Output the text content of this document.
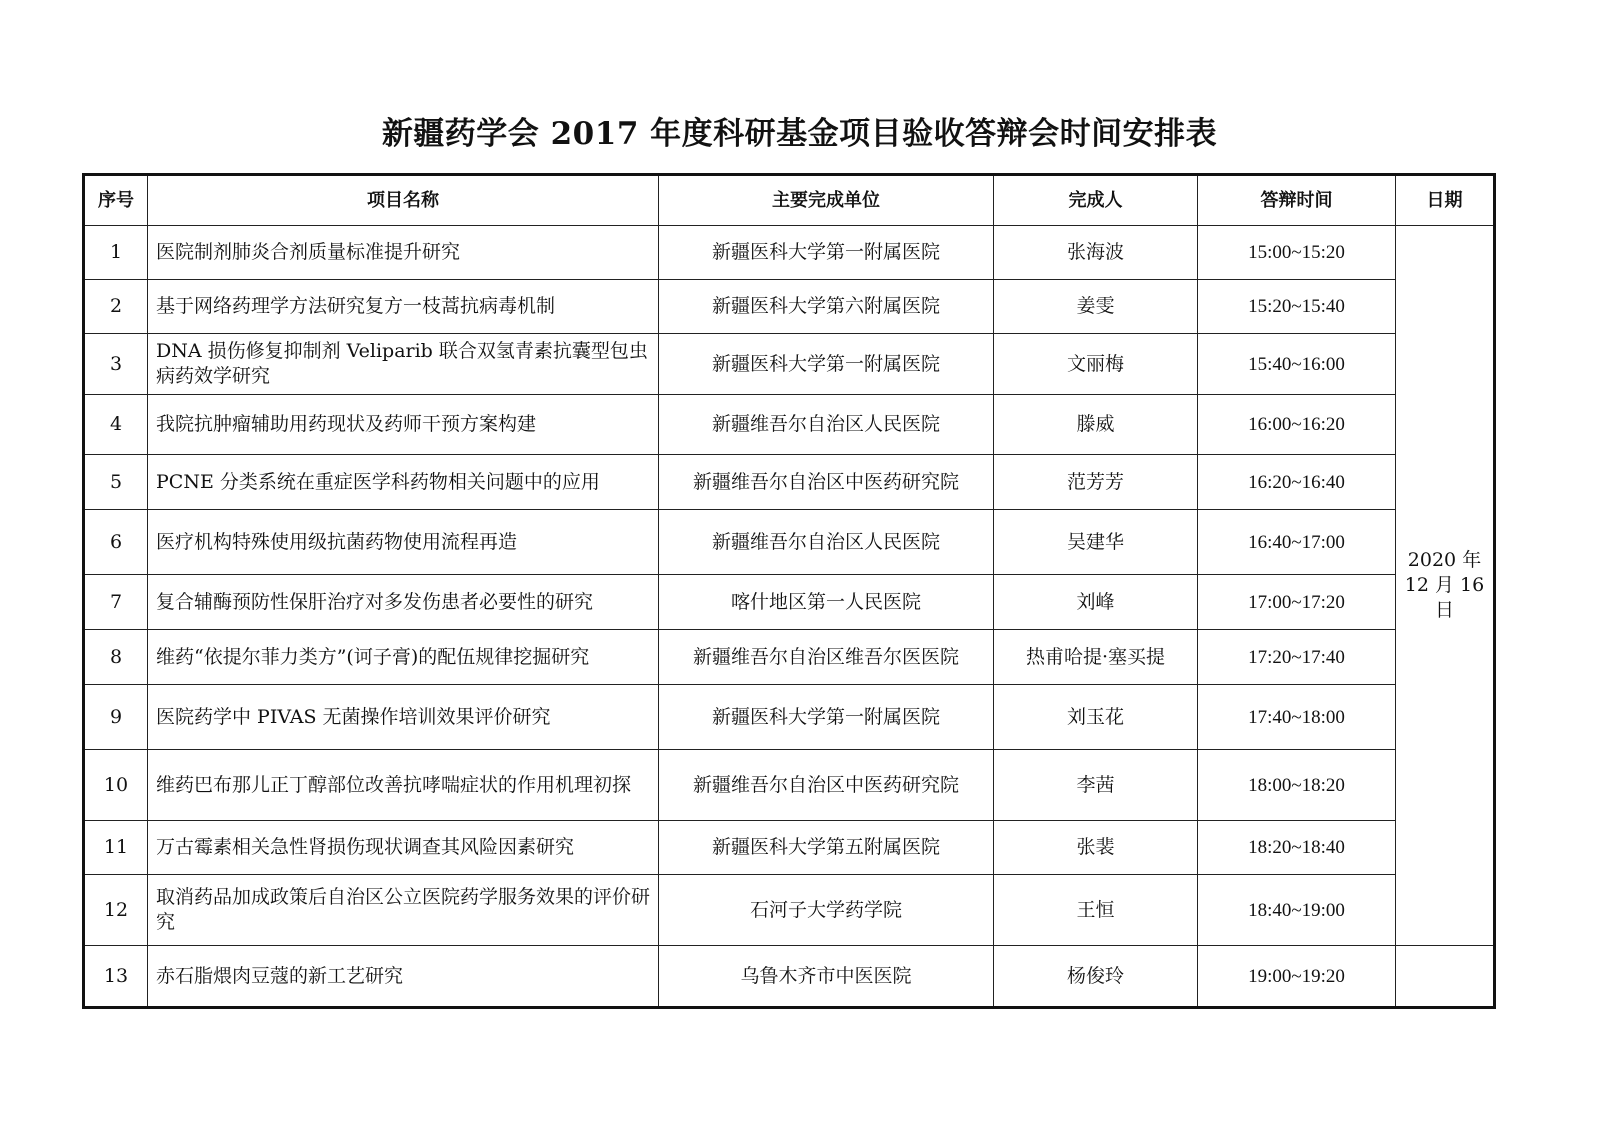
新疆药学会 2017 年度科研基金项目验收答辩会时间安排表
序号	项目名称	主要完成单位	完成人	答辩时间	日期
1	医院制剂肺炎合剂质量标准提升研究	新疆医科大学第一附属医院	张海波	15:00~15:20	2020 年
12 月 16
日

2	基于网络药理学方法研究复方一枝蒿抗病毒机制	新疆医科大学第六附属医院	姜雯	15:20~15:40	
3	DNA 损伤修复抑制剂 Veliparib 联合双氢青素抗囊型包虫病药效学研究	新疆医科大学第一附属医院	文丽梅	15:40~16:00	
4	我院抗肿瘤辅助用药现状及药师干预方案构建	新疆维吾尔自治区人民医院	滕威	16:00~16:20	
5	PCNE 分类系统在重症医学科药物相关问题中的应用	新疆维吾尔自治区中医药研究院	范芳芳	16:20~16:40	
6	医疗机构特殊使用级抗菌药物使用流程再造	新疆维吾尔自治区人民医院	吴建华	16:40~17:00	
7	复合辅酶预防性保肝治疗对多发伤患者必要性的研究	喀什地区第一人民医院	刘峰	17:00~17:20	
8	维药“依提尔菲力类方”(诃子膏)的配伍规律挖掘研究	新疆维吾尔自治区维吾尔医医院	热甫哈提·塞买提	17:20~17:40	
9	医院药学中 PIVAS 无菌操作培训效果评价研究	新疆医科大学第一附属医院	刘玉花	17:40~18:00	
10	维药巴布那儿正丁醇部位改善抗哮喘症状的作用机理初探	新疆维吾尔自治区中医药研究院	李茜	18:00~18:20	
11	万古霉素相关急性肾损伤现状调查其风险因素研究	新疆医科大学第五附属医院	张裴	18:20~18:40	
12	取消药品加成政策后自治区公立医院药学服务效果的评价研究	石河子大学药学院	王恒	18:40~19:00	
13	赤石脂煨肉豆蔻的新工艺研究	乌鲁木齐市中医医院	杨俊玲	19:00~19:20	
